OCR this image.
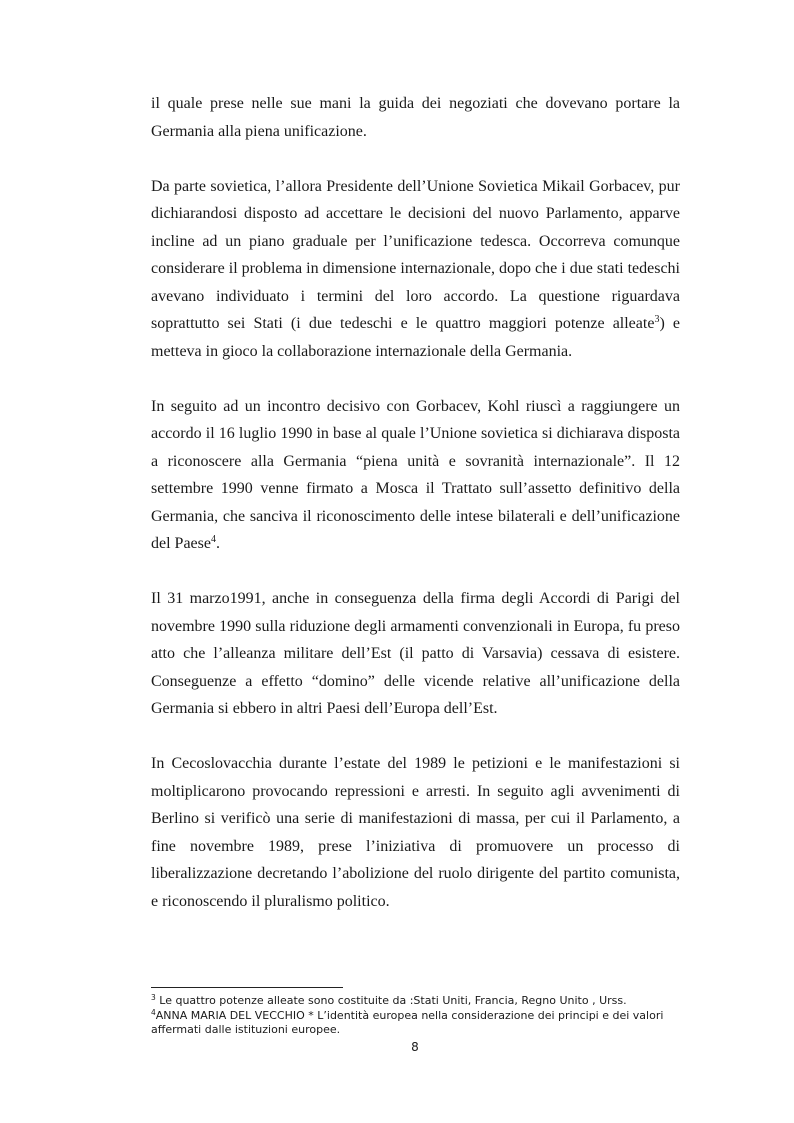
il quale prese nelle sue mani la guida dei negoziati che dovevano portare la Germania alla piena unificazione.

Da parte sovietica, l’allora Presidente dell’Unione Sovietica Mikail Gorbacev, pur dichiarandosi disposto ad accettare le decisioni del nuovo Parlamento, apparve incline ad un piano graduale per l’unificazione tedesca. Occorreva comunque considerare il problema in dimensione internazionale, dopo che i due stati tedeschi avevano individuato i termini del loro accordo. La questione riguardava soprattutto sei Stati (i due tedeschi e le quattro maggiori potenze alleate$^3$) e metteva in gioco la collaborazione internazionale della Germania.

In seguito ad un incontro decisivo con Gorbacev, Kohl riuscì a raggiungere un accordo il 16 luglio 1990 in base al quale l’Unione sovietica si dichiarava disposta a riconoscere alla Germania “piena unità e sovranità internazionale”. Il 12 settembre 1990 venne firmato a Mosca il Trattato sull’assetto definitivo della Germania, che sanciva il riconoscimento delle intese bilaterali e dell’unificazione del Paese$^4$.

Il 31 marzo1991, anche in conseguenza della firma degli Accordi di Parigi del novembre 1990 sulla riduzione degli armamenti convenzionali in Europa, fu preso atto che l’alleanza militare dell’Est (il patto di Varsavia) cessava di esistere. Conseguenze a effetto “domino” delle vicende relative all’unificazione della Germania si ebbero in altri Paesi dell’Europa dell’Est.

In Cecoslovacchia durante l’estate del 1989 le petizioni e le manifestazioni si moltiplicarono provocando repressioni e arresti. In seguito agli avvenimenti di Berlino si verificò una serie di manifestazioni di massa, per cui il Parlamento, a fine novembre 1989, prese l’iniziativa di promuovere un processo di liberalizzazione decretando l’abolizione del ruolo dirigente del partito comunista, e riconoscendo il pluralismo politico.

$^3$ Le quattro potenze alleate sono costituite da :Stati Uniti, Francia, Regno Unito , Urss.

$^4$ANNA MARIA DEL VECCHIO * L’identità europea nella considerazione dei principi e dei valori affermati dalle istituzioni europee.

8
